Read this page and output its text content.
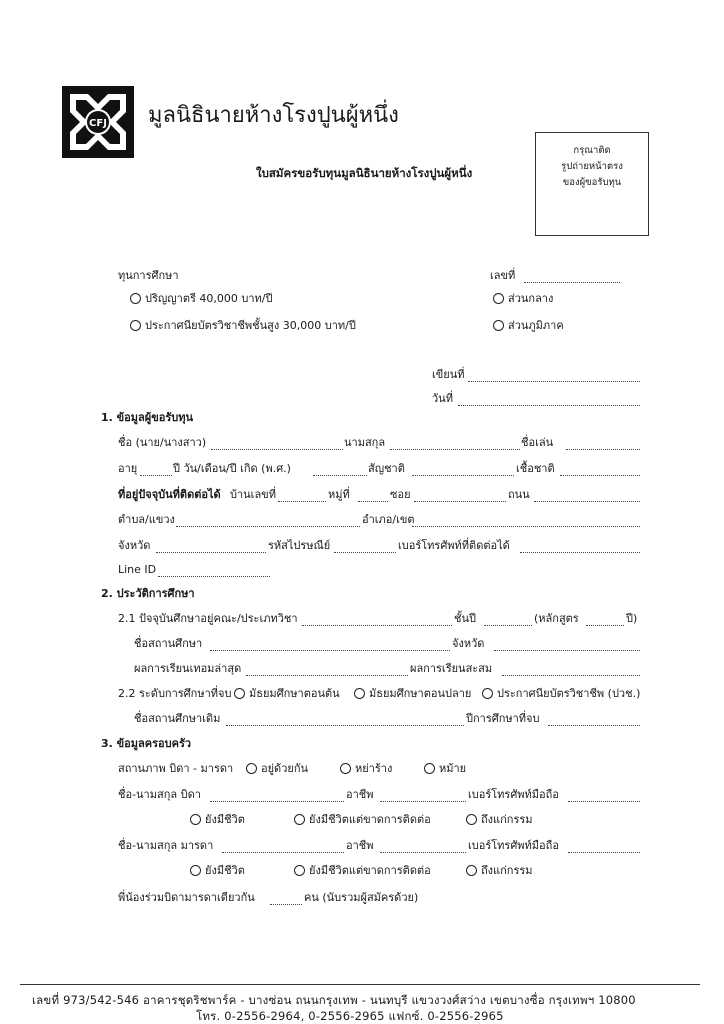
CFJ มูลนิธินายห้างโรงปูนผู้หนึ่ง
ใบสมัครขอรับทุนมูลนิธินายห้างโรงปูนผู้หนึ่ง
กรุณาติด
รูปถ่ายหน้าตรง
ของผู้ขอรับทุน
ทุนการศึกษา
ปริญญาตรี 40,000 บาท/ปี
ประกาศนียบัตรวิชาชีพชั้นสูง 30,000 บาท/ปี
เลขที่
ส่วนกลาง
ส่วนภูมิภาค
เขียนที่
วันที่
1. ข้อมูลผู้ขอรับทุน
ชื่อ (นาย/นางสาว)	นามสกุล	ชื่อเล่น
อายุ	ปี วัน/เดือน/ปี เกิด (พ.ศ.)	สัญชาติ	เชื้อชาติ
ที่อยู่ปัจจุบันที่ติดต่อได้ บ้านเลขที่	หมู่ที่	ซอย	ถนน
ตำบล/แขวง	อำเภอ/เขต
จังหวัด	รหัสไปรษณีย์	เบอร์โทรศัพท์ที่ติดต่อได้
Line ID
2. ประวัติการศึกษา
2.1 ปัจจุบันศึกษาอยู่คณะ/ประเภทวิชา	ชั้นปี	(หลักสูตร	ปี)
ชื่อสถานศึกษา	จังหวัด
ผลการเรียนเทอมล่าสุด	ผลการเรียนสะสม
2.2 ระดับการศึกษาที่จบ	มัธยมศึกษาตอนต้น	มัธยมศึกษาตอนปลาย	ประกาศนียบัตรวิชาชีพ (ปวช.)
ชื่อสถานศึกษาเดิม	ปีการศึกษาที่จบ
3. ข้อมูลครอบครัว
สถานภาพ บิดา - มารดา	อยู่ด้วยกัน	หย่าร้าง	หม้าย
ชื่อ-นามสกุล บิดา	อาชีพ	เบอร์โทรศัพท์มือถือ
ยังมีชีวิต	ยังมีชีวิตแต่ขาดการติดต่อ	ถึงแก่กรรม
ชื่อ-นามสกุล มารดา	อาชีพ	เบอร์โทรศัพท์มือถือ
ยังมีชีวิต	ยังมีชีวิตแต่ขาดการติดต่อ	ถึงแก่กรรม
พี่น้องร่วมบิดามารดาเดียวกัน	คน (นับรวมผู้สมัครด้วย)
เลขที่ 973/542-546 อาคารชุดริชพาร์ค - บางซ่อน ถนนกรุงเทพ - นนทบุรี แขวงวงศ์สว่าง เขตบางซื่อ กรุงเทพฯ 10800
โทร. 0-2556-2964, 0-2556-2965 แฟกซ์. 0-2556-2965
